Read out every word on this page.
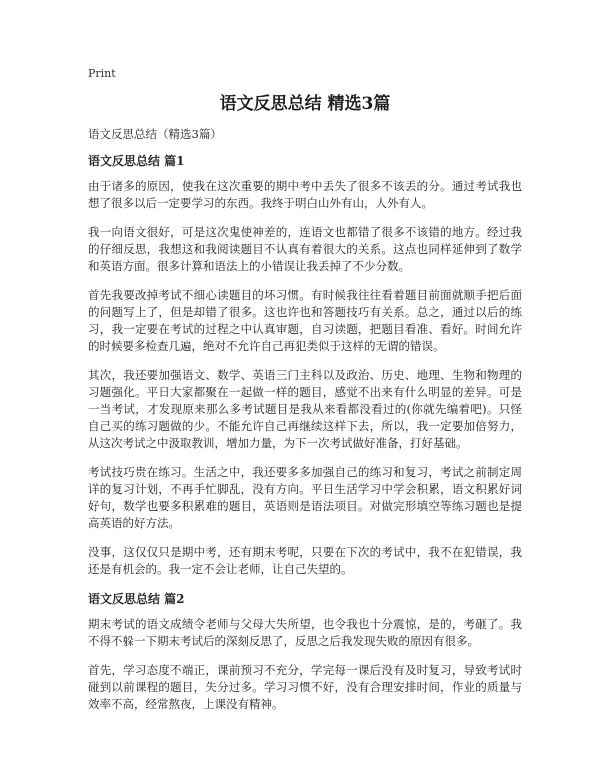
Print
语文反思总结 精选3篇
语文反思总结（精选3篇）
语文反思总结 篇1

由于诸多的原因，使我在这次重要的期中考中丢失了很多不该丢的分。通过考试我也想了很多以后一定要学习的东西。我终于明白山外有山，人外有人。

我一向语文很好，可是这次鬼使神差的，连语文也都错了很多不该错的地方。经过我的仔细反思，我想这和我阅读题目不认真有着很大的关系。这点也同样延伸到了数学和英语方面。很多计算和语法上的小错误让我丢掉了不少分数。

首先我要改掉考试不细心读题目的坏习惯。有时候我往往看着题目前面就顺手把后面的问题写上了，但是却错了很多。这也许也和答题技巧有关系。总之，通过以后的练习，我一定要在考试的过程之中认真审题，自习读题，把题目看准、看好。时间允许的时候要多检查几遍，绝对不允许自己再犯类似于这样的无谓的错误。

其次，我还要加强语文、数学、英语三门主科以及政治、历史、地理、生物和物理的习题强化。平日大家都聚在一起做一样的题目，感觉不出来有什么明显的差异。可是一当考试，才发现原来那么多考试题目是我从来看都没看过的(你就先编着吧)。只怪自己买的练习题做的少。不能允许自己再继续这样下去，所以，我一定要加倍努力，从这次考试之中汲取教训，增加力量，为下一次考试做好准备，打好基础。

考试技巧贵在练习。生活之中，我还要多多加强自己的练习和复习，考试之前制定周详的复习计划，不再手忙脚乱，没有方向。平日生活学习中学会积累，语文积累好词好句，数学也要多积累难的题目，英语则是语法项目。对做完形填空等练习题也是提高英语的好方法。

没事，这仅仅只是期中考，还有期末考呢，只要在下次的考试中，我不在犯错误，我还是有机会的。我一定不会让老师，让自己失望的。

语文反思总结 篇2

期末考试的语文成绩令老师与父母大失所望，也令我也十分震惊，是的，考砸了。我不得不躲一下期末考试后的深刻反思了，反思之后我发现失败的原因有很多。

首先，学习态度不端正，课前预习不充分，学完每一课后没有及时复习，导致考试时碰到以前课程的题目，失分过多。学习习惯不好，没有合理安排时间，作业的质量与效率不高，经常熬夜，上课没有精神。
